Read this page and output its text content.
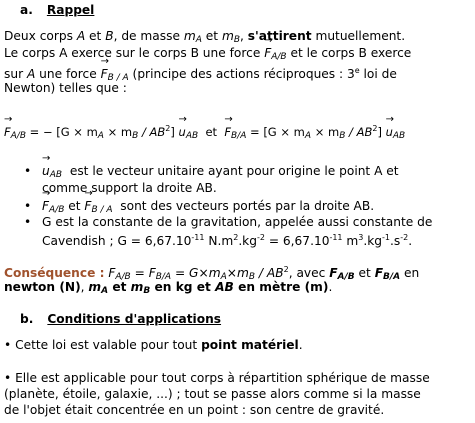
a. Rappel
Deux corps A et B, de masse $m_A$ et $m_B$, s'attirent mutuellement.
Le corps A exerce sur le corps B une force → $F_{A/B}$ et le corps B exerce
sur A une force → $F_{B / A}$ (principe des actions réciproques : 3e loi de
Newton) telles que :
→ $F_{A/B}$ = − $[G \times m_A \times m_B / AB^2] \to u_{AB}$  et  → $F_{B/A} = [G \times m_A \times m_B / AB^2] \to u_{AB}$
• → $u_{AB}$  est le vecteur unitaire ayant pour origine le point A et
comme support la droite AB.
• → $F_{A/B}$ et → $F_{B / A}$  sont des vecteurs portés par la droite AB.
• G est la constante de la gravitation, appelée aussi constante de
Cavendish ; $G = 6,67.10^{-11}$ $N.m^2.kg^{-2} = 6,67.10^{-11}$ $m^3.kg^{-1}.s^{-2}$.
Conséquence : $F_{A/B} = F_{B/A} = G\times m_A\times m_B / AB^2$, avec $F_{A/B}$ et $F_{B/A}$ en
newton (N), $m_A$ et $m_B$ en kg et AB en mètre (m).
b. Conditions d'applications
• Cette loi est valable pour tout point matériel.
• Elle est applicable pour tout corps à répartition sphérique de masse
(planète, étoile, galaxie, ...) ; tout se passe alors comme si la masse
de l'objet était concentrée en un point : son centre de gravité.
